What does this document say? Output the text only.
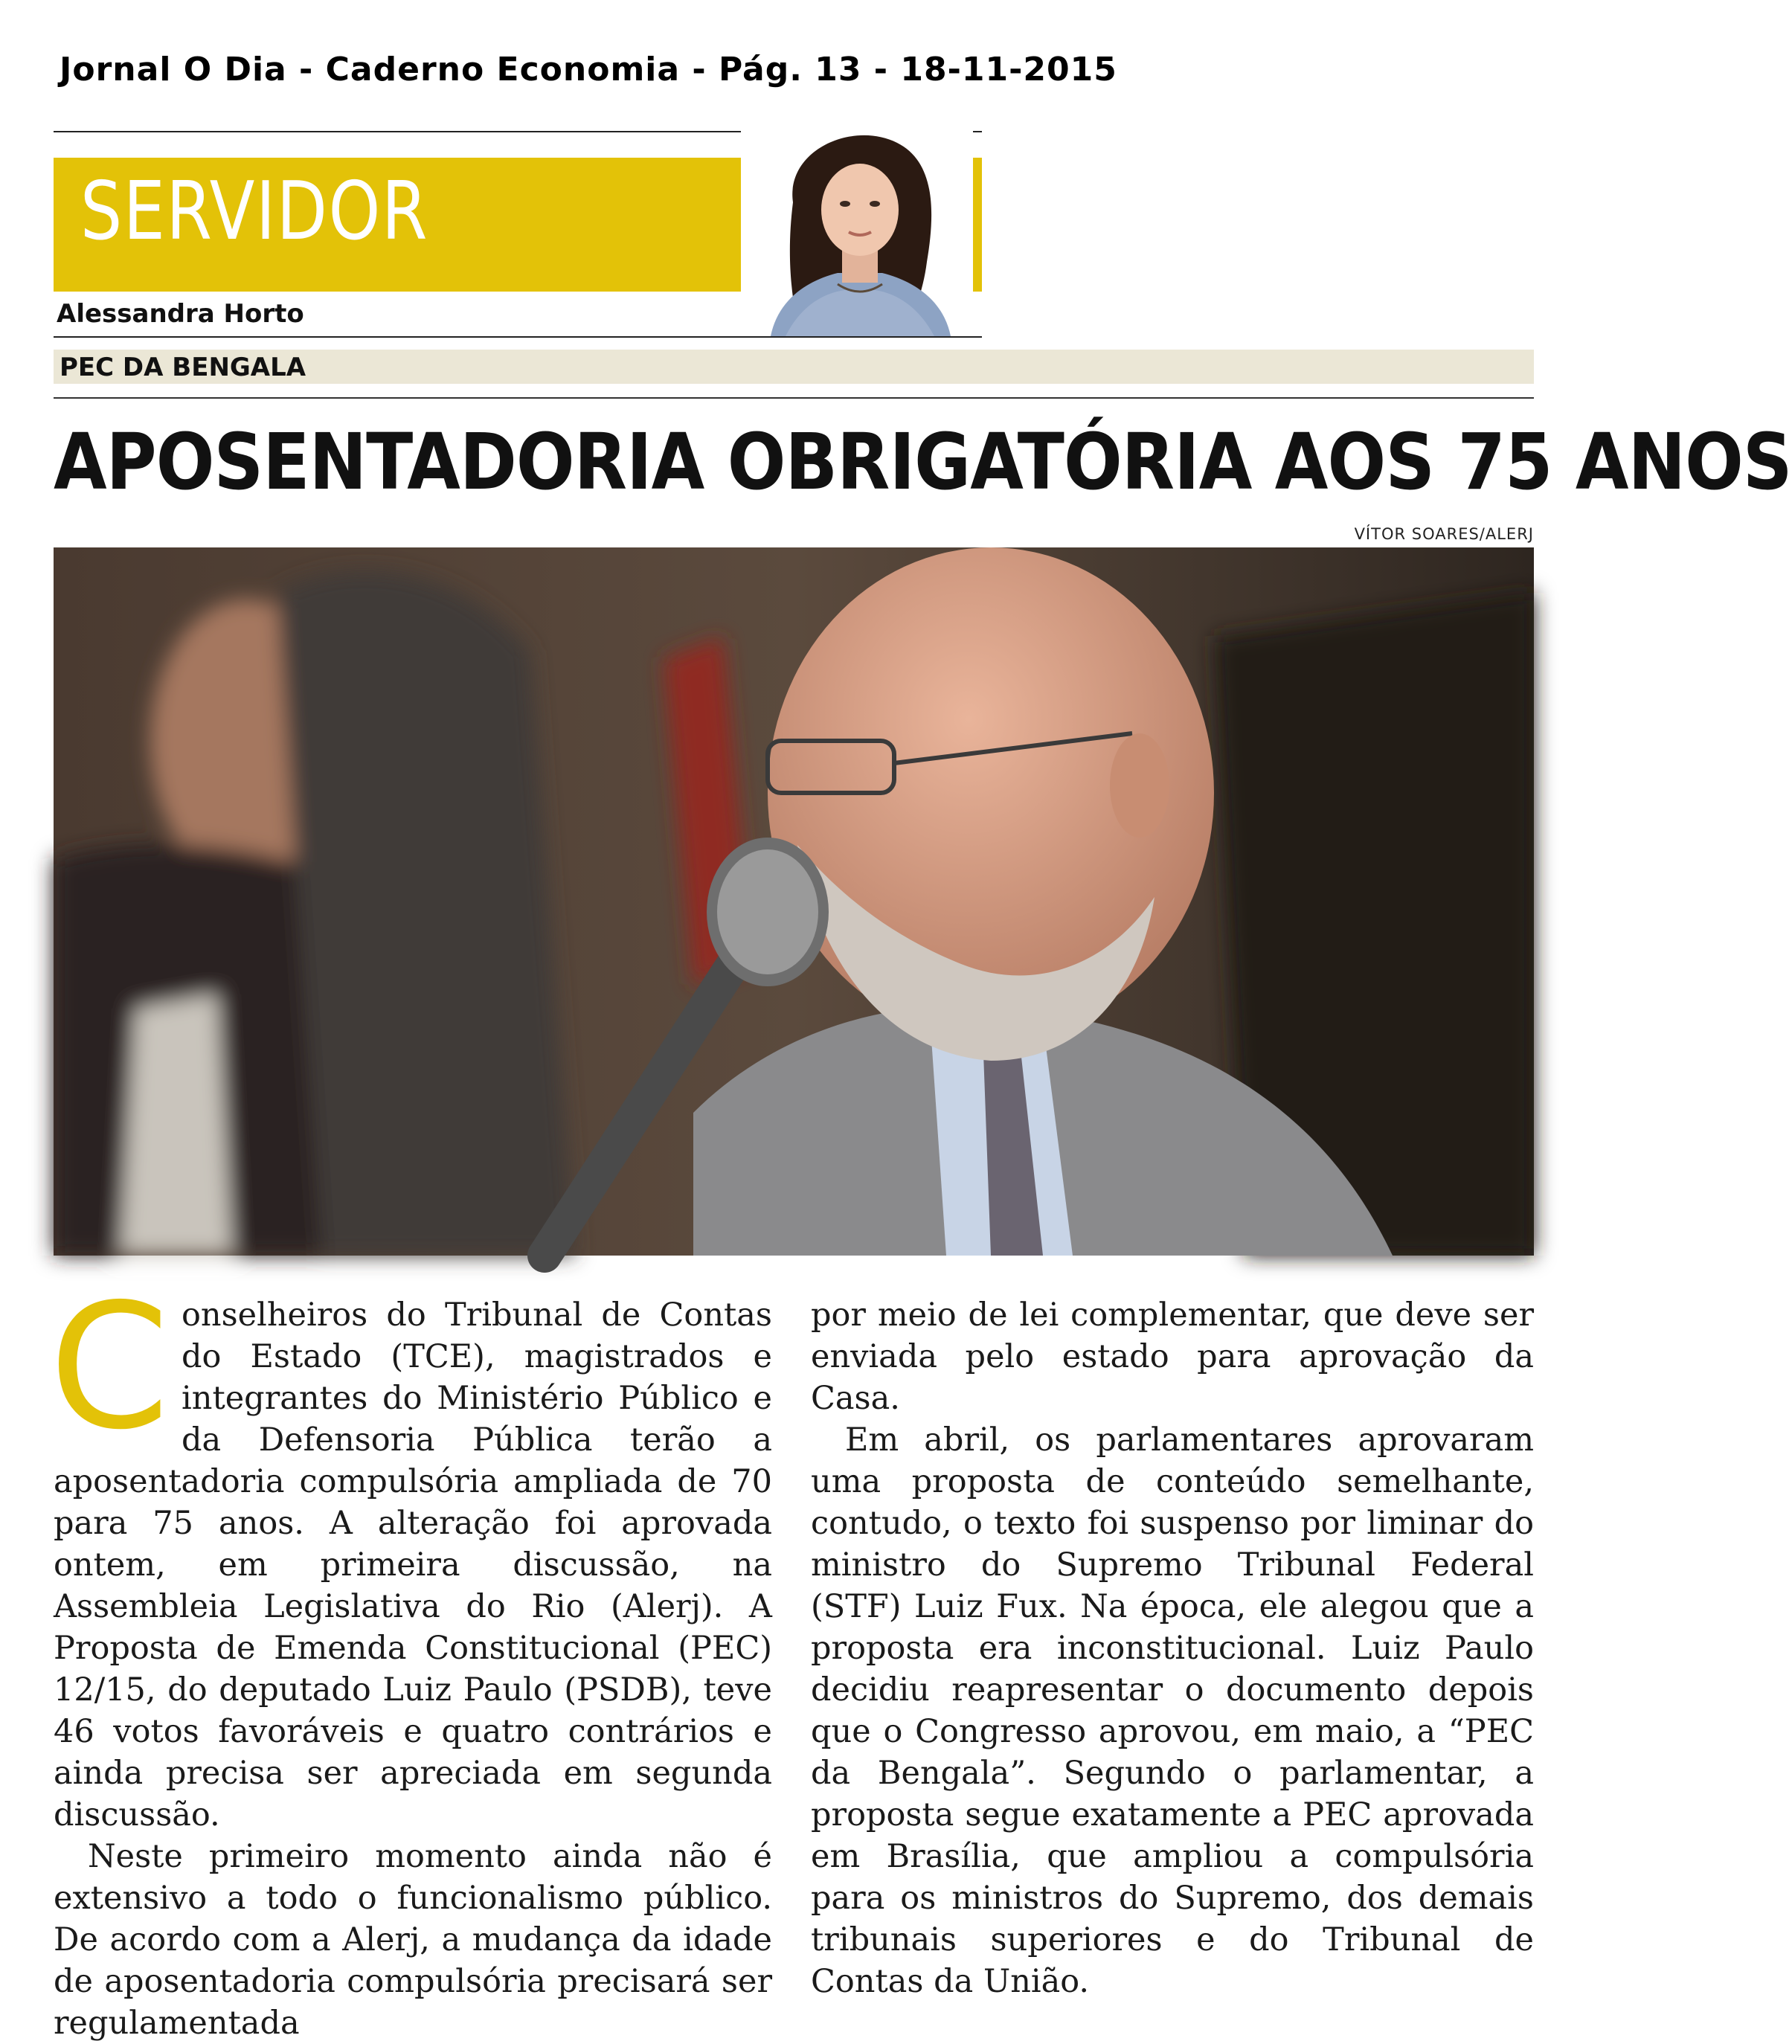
Jornal O Dia - Caderno Economia - Pág. 13 - 18-11-2015
SERVIDOR
Alessandra Horto
PEC DA BENGALA
APOSENTADORIA OBRIGATÓRIA AOS 75 ANOS
VÍTOR SOARES/ALERJ

Conselheiros do Tribunal de Contas do Estado (TCE), magistrados e integrantes do Ministério Público e da Defensoria Pública terão a aposentadoria compulsória ampliada de 70 para 75 anos. A alteração foi aprovada ontem, em primeira discussão, na Assembleia Legislativa do Rio (Alerj). A Proposta de Emenda Constitucional (PEC) 12/15, do deputado Luiz Paulo (PSDB), teve 46 votos favoráveis e quatro contrários e ainda precisa ser apreciada em segunda discussão.

Neste primeiro momento ainda não é extensivo a todo o funcionalismo público. De acordo com a Alerj, a mudança da idade de aposentadoria compulsória precisará ser regulamentada

por meio de lei complementar, que deve ser enviada pelo estado para aprovação da Casa.

Em abril, os parlamentares aprovaram uma proposta de conteúdo semelhante, contudo, o texto foi suspenso por liminar do ministro do Supremo Tribunal Federal (STF) Luiz Fux. Na época, ele alegou que a proposta era inconstitucional. Luiz Paulo decidiu reapresentar o documento depois que o Congresso aprovou, em maio, a “PEC da Bengala”. Segundo o parlamentar, a proposta segue exatamente a PEC aprovada em Brasília, que ampliou a compulsória para os ministros do Supremo, dos demais tribunais superiores e do Tribunal de Contas da União.
